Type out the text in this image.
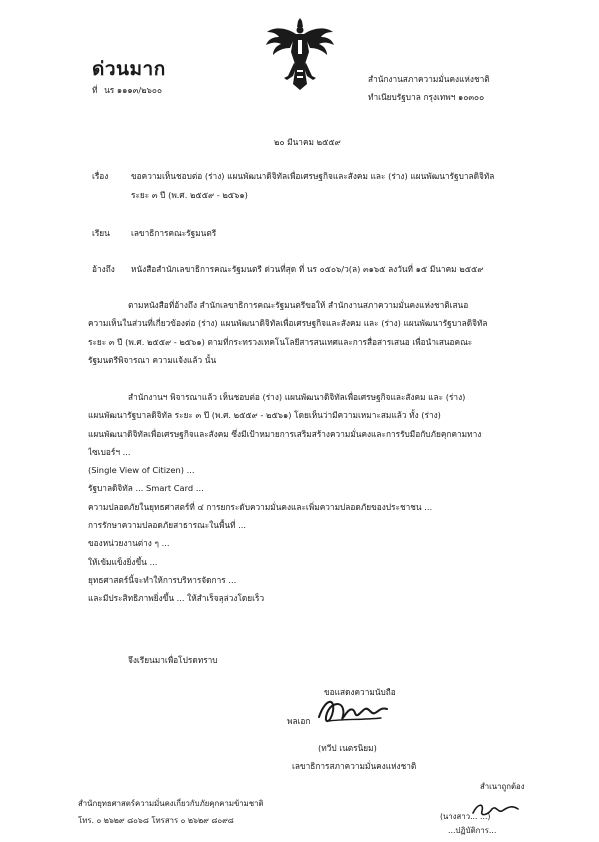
ด่วนมาก
ที่ นร ๑๑๑๓/๒๖๐๐
สำนักงานสภาความมั่นคงแห่งชาติ
ทำเนียบรัฐบาล กรุงเทพฯ ๑๐๓๐๐
๒๐ มีนาคม ๒๕๕๙
เรื่อง	ขอความเห็นชอบต่อ (ร่าง) แผนพัฒนาดิจิทัลเพื่อเศรษฐกิจและสังคม และ (ร่าง) แผนพัฒนารัฐบาลดิจิทัล
ระยะ ๓ ปี (พ.ศ. ๒๕๕๙ - ๒๕๖๑)
เรียน	เลขาธิการคณะรัฐมนตรี
อ้างถึง หนังสือสำนักเลขาธิการคณะรัฐมนตรี ด่วนที่สุด ที่ นร ๐๕๐๖/ว(ล) ๓๑๖๕ ลงวันที่ ๑๕ มีนาคม ๒๕๕๙
ตามหนังสือที่อ้างถึง สำนักเลขาธิการคณะรัฐมนตรีขอให้ สำนักงานสภาความมั่นคงแห่งชาติเสนอ
ความเห็นในส่วนที่เกี่ยวข้องต่อ (ร่าง) แผนพัฒนาดิจิทัลเพื่อเศรษฐกิจและสังคม และ (ร่าง) แผนพัฒนารัฐบาลดิจิทัล
ระยะ ๓ ปี (พ.ศ. ๒๕๕๙ - ๒๕๖๑) ตามที่กระทรวงเทคโนโลยีสารสนเทศและการสื่อสารเสนอ เพื่อนำเสนอคณะ
รัฐมนตรีพิจารณา ความแจ้งแล้ว นั้น
สำนักงานฯ พิจารณาแล้ว เห็นชอบต่อ (ร่าง) แผนพัฒนาดิจิทัลเพื่อเศรษฐกิจและสังคม และ (ร่าง)
แผนพัฒนารัฐบาลดิจิทัล ระยะ ๓ ปี (พ.ศ. ๒๕๕๙ - ๒๕๖๑) โดยเห็นว่ามีความเหมาะสมแล้ว ทั้ง (ร่าง)
แผนพัฒนาดิจิทัลเพื่อเศรษฐกิจและสังคม ซึ่งมีเป้าหมายการเสริมสร้างความมั่นคงและการรับมือกับภัยคุกคามทาง
ไซเบอร์ฯ ...
(Single View of Citizen) ...
รัฐบาลดิจิทัล ... Smart Card ...
ความปลอดภัยในยุทธศาสตร์ที่ ๔ การยกระดับความมั่นคงและเพิ่มความปลอดภัยของประชาชน ...
การรักษาความปลอดภัยสาธารณะในพื้นที่ ...
ของหน่วยงานต่าง ๆ ...
ให้เข้มแข็งยิ่งขึ้น ...
ยุทธศาสตร์นี้จะทำให้การบริหารจัดการ ...
และมีประสิทธิภาพยิ่งขึ้น ... ให้สำเร็จลุล่วงโดยเร็ว
จึงเรียนมาเพื่อโปรดทราบ
ขอแสดงความนับถือ
พลเอก
(ทวีป เนตรนิยม)
เลขาธิการสภาความมั่นคงแห่งชาติ
สำเนาถูกต้อง
(นางสาว... ...)
...ปฏิบัติการ...
สำนักยุทธศาสตร์ความมั่นคงเกี่ยวกับภัยคุกคามข้ามชาติ
โทร. ๐ ๒๖๒๙ ๘๐๖๘ โทรสาร ๐ ๒๖๒๙ ๘๐๙๘
